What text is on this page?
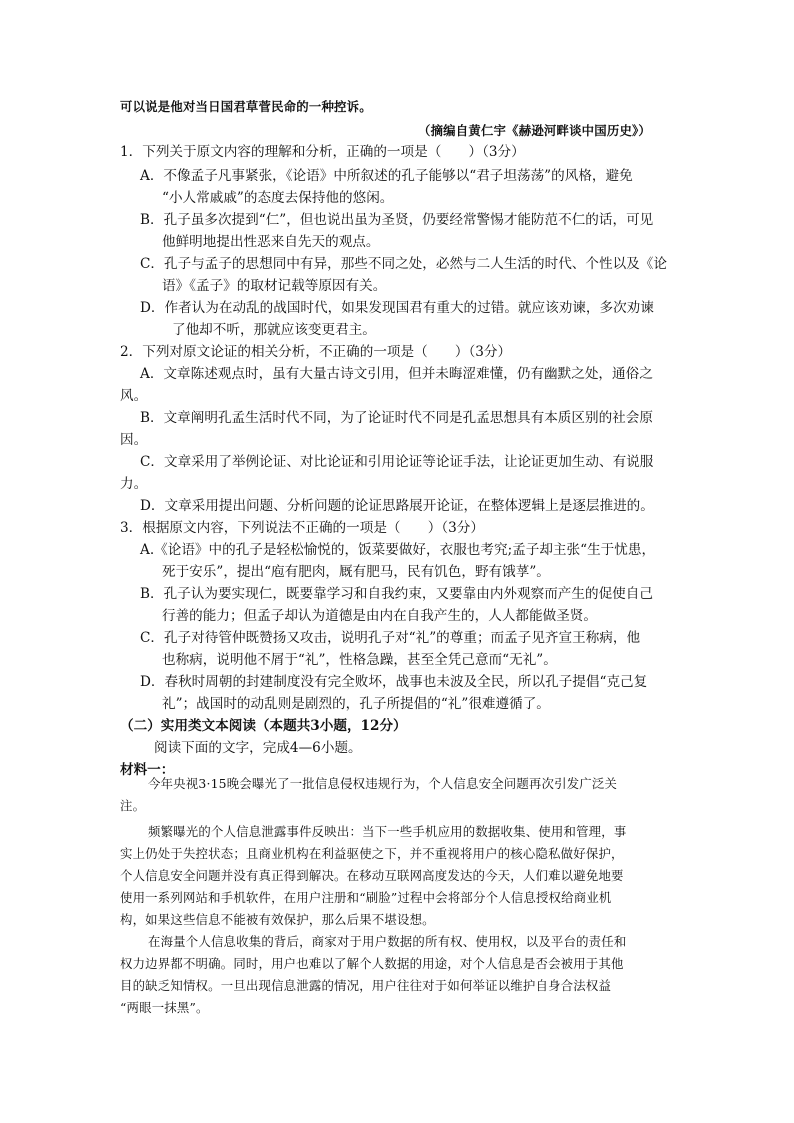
可以说是他对当日国君草菅民命的一种控诉。
（摘编自黄仁宇《赫逊河畔谈中国历史》）
1．下列关于原文内容的理解和分析，正确的一项是（　　）（3分）
A．不像孟子凡事紧张，《论语》中所叙述的孔子能够以“君子坦荡荡”的风格，避免
“小人常戚戚”的态度去保持他的悠闲。
B．孔子虽多次提到“仁”，但也说出虽为圣贤，仍要经常警惕才能防范不仁的话，可见
他鲜明地提出性恶来自先天的观点。
C．孔子与孟子的思想同中有异，那些不同之处，必然与二人生活的时代、个性以及《论
语》《孟子》的取材记载等原因有关。
D．作者认为在动乱的战国时代，如果发现国君有重大的过错。就应该劝谏，多次劝谏
了他却不听，那就应该变更君主。
2．下列对原文论证的相关分析，不正确的一项是（　　）（3分）
A．文章陈述观点时，虽有大量古诗文引用，但并未晦涩难懂，仍有幽默之处，通俗之
风。
B．文章阐明孔孟生活时代不同，为了论证时代不同是孔孟思想具有本质区别的社会原
因。
C．文章采用了举例论证、对比论证和引用论证等论证手法，让论证更加生动、有说服
力。
D．文章采用提出问题、分析问题的论证思路展开论证，在整体逻辑上是逐层推进的。
3．根据原文内容，下列说法不正确的一项是（　　）（3分）
A.《论语》中的孔子是轻松愉悦的，饭菜要做好，衣服也考究;孟子却主张“生于忧患，
死于安乐”，提出“庖有肥肉，厩有肥马，民有饥色，野有饿莩”。
B．孔子认为要实现仁，既要靠学习和自我约束，又要靠由内外观察而产生的促使自己
行善的能力；但孟子却认为道德是由内在自我产生的，人人都能做圣贤。
C．孔子对待管仲既赞扬又攻击，说明孔子对“礼”的尊重；而孟子见齐宣王称病，他
也称病，说明他不屑于“礼”，性格急躁，甚至全凭己意而“无礼”。
D．春秋时周朝的封建制度没有完全败坏，战事也未波及全民，所以孔子提倡“克己复
礼”；战国时的动乱则是剧烈的，孔子所提倡的“礼”很难遵循了。
（二）实用类文本阅读（本题共3小题，12分）
阅读下面的文字，完成4—6小题。
材料一：
今年央视3·15晚会曝光了一批信息侵权违规行为，个人信息安全问题再次引发广泛关
注。
频繁曝光的个人信息泄露事件反映出：当下一些手机应用的数据收集、使用和管理，事
实上仍处于失控状态；且商业机构在利益驱使之下，并不重视将用户的核心隐私做好保护，
个人信息安全问题并没有真正得到解决。在移动互联网高度发达的今天，人们难以避免地要
使用一系列网站和手机软件，在用户注册和“刷脸”过程中会将部分个人信息授权给商业机
构，如果这些信息不能被有效保护，那么后果不堪设想。
在海量个人信息收集的背后，商家对于用户数据的所有权、使用权，以及平台的责任和
权力边界都不明确。同时，用户也难以了解个人数据的用途，对个人信息是否会被用于其他
目的缺乏知情权。一旦出现信息泄露的情况，用户往往对于如何举证以维护自身合法权益
“两眼一抹黑”。
